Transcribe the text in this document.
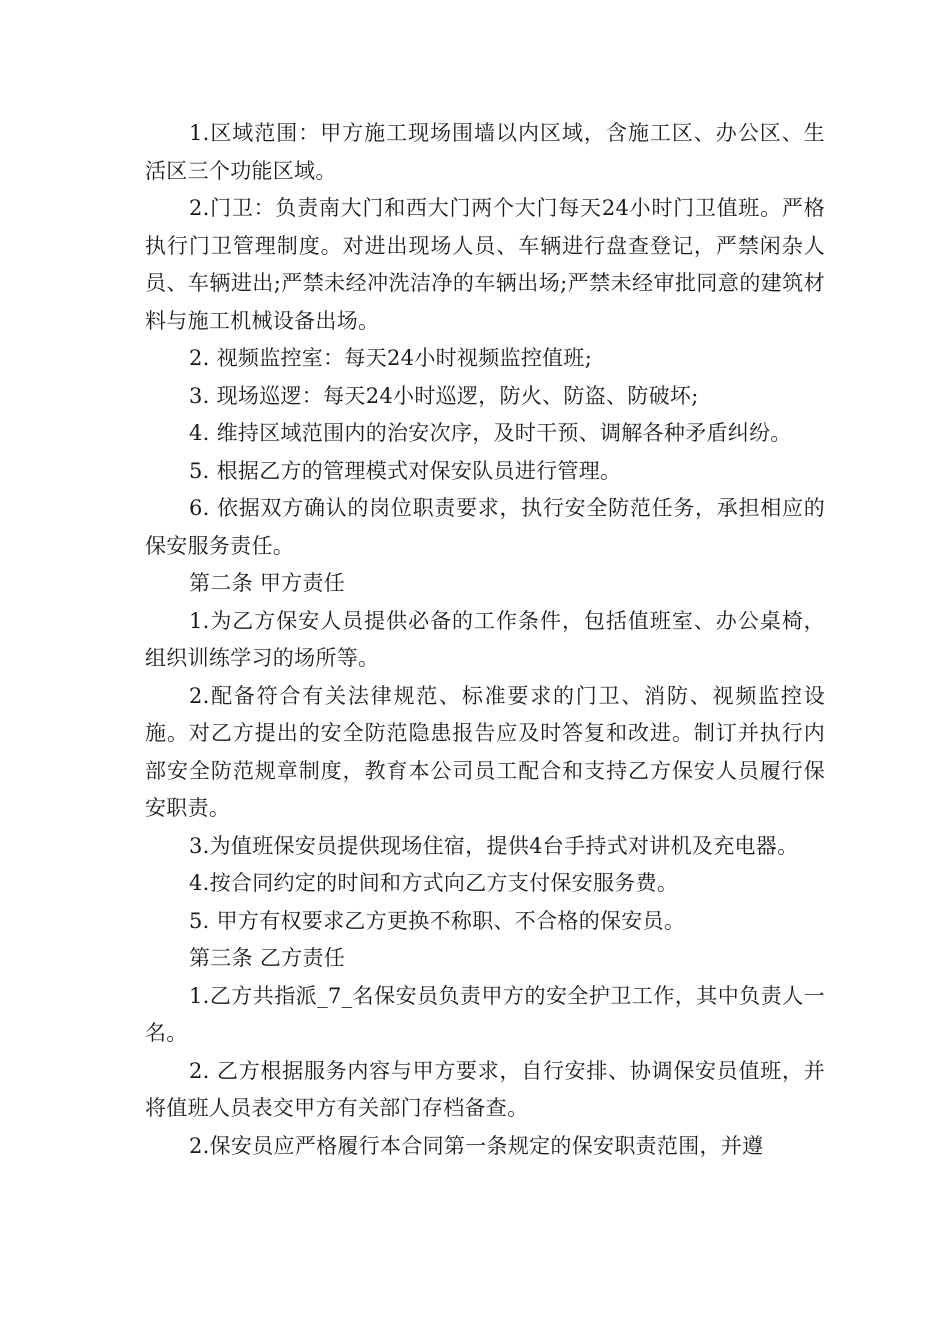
1.区域范围：甲方施工现场围墙以内区域，含施工区、办公区、生活区三个功能区域。

2.门卫：负责南大门和西大门两个大门每天24小时门卫值班。严格执行门卫管理制度。对进出现场人员、车辆进行盘查登记，严禁闲杂人员、车辆进出;严禁未经冲洗洁净的车辆出场;严禁未经审批同意的建筑材料与施工机械设备出场。

2. 视频监控室：每天24小时视频监控值班;

3. 现场巡逻：每天24小时巡逻，防火、防盗、防破坏;

4. 维持区域范围内的治安次序，及时干预、调解各种矛盾纠纷。

5. 根据乙方的管理模式对保安队员进行管理。

6. 依据双方确认的岗位职责要求，执行安全防范任务，承担相应的保安服务责任。

第二条 甲方责任

1.为乙方保安人员提供必备的工作条件，包括值班室、办公桌椅，组织训练学习的场所等。

2.配备符合有关法律规范、标准要求的门卫、消防、视频监控设施。对乙方提出的安全防范隐患报告应及时答复和改进。制订并执行内部安全防范规章制度，教育本公司员工配合和支持乙方保安人员履行保安职责。

3.为值班保安员提供现场住宿，提供4台手持式对讲机及充电器。

4.按合同约定的时间和方式向乙方支付保安服务费。

5. 甲方有权要求乙方更换不称职、不合格的保安员。

第三条 乙方责任

1.乙方共指派_7_名保安员负责甲方的安全护卫工作，其中负责人一名。

2. 乙方根据服务内容与甲方要求，自行安排、协调保安员值班，并将值班人员表交甲方有关部门存档备查。

2.保安员应严格履行本合同第一条规定的保安职责范围，并遵
